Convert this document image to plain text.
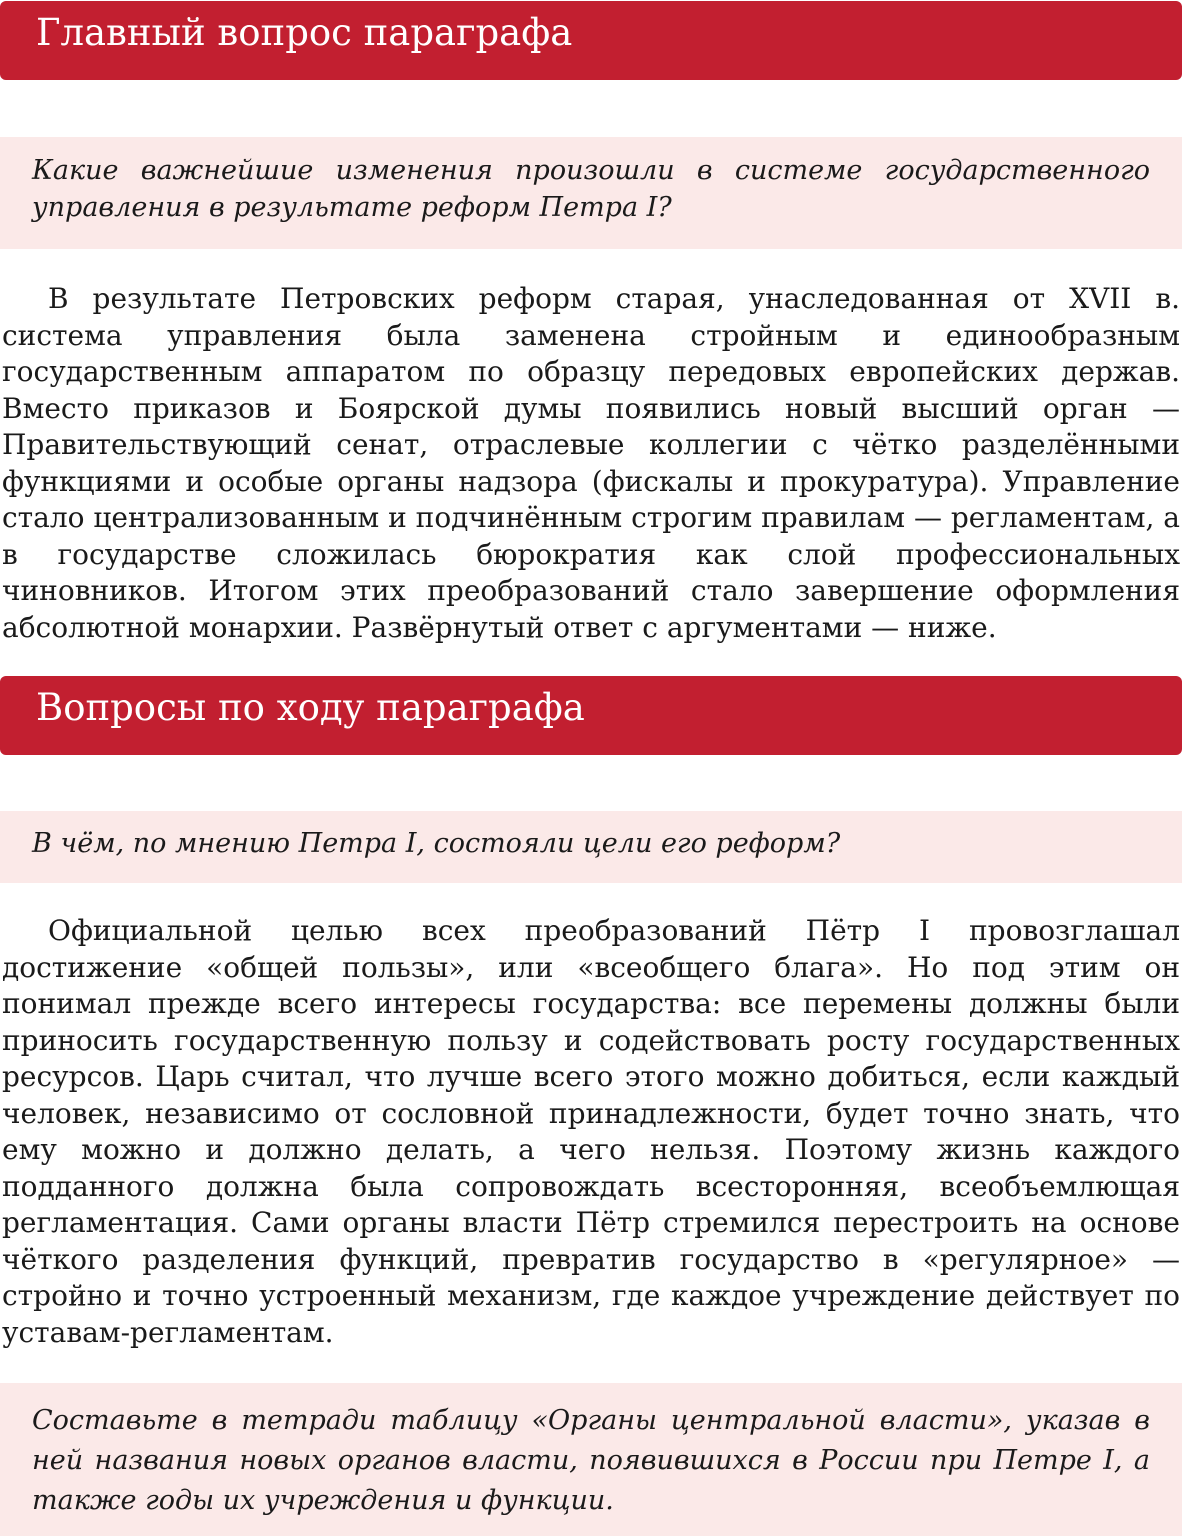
Главный вопрос параграфа
Какие важнейшие изменения произошли в системе государственного управления в результате реформ Петра I?
В результате Петровских реформ старая, унаследованная от XVII в. система управления была заменена стройным и единообразным государственным аппаратом по образцу передовых европейских держав. Вместо приказов и Боярской думы появились новый высший орган — Правительствующий сенат, отраслевые коллегии с чётко разделёнными функциями и особые органы надзора (фискалы и прокуратура). Управление стало централизованным и подчинённым строгим правилам — регламентам, а в государстве сложилась бюрократия как слой профессиональных чиновников. Итогом этих преобразований стало завершение оформления абсолютной монархии. Развёрнутый ответ с аргументами — ниже.
Вопросы по ходу параграфа
В чём, по мнению Петра I, состояли цели его реформ?
Официальной целью всех преобразований Пётр I провозглашал достижение «общей пользы», или «всеобщего блага». Но под этим он понимал прежде всего интересы государства: все перемены должны были приносить государственную пользу и содействовать росту государственных ресурсов. Царь считал, что лучше всего этого можно добиться, если каждый человек, независимо от сословной принадлежности, будет точно знать, что ему можно и должно делать, а чего нельзя. Поэтому жизнь каждого подданного должна была сопровождать всесторонняя, всеобъемлющая регламентация. Сами органы власти Пётр стремился перестроить на основе чёткого разделения функций, превратив государство в «регулярное» — стройно и точно устроенный механизм, где каждое учреждение действует по уставам-регламентам.
Составьте в тетради таблицу «Органы центральной власти», указав в ней названия новых органов власти, появившихся в России при Петре I, а также годы их учреждения и функции.
